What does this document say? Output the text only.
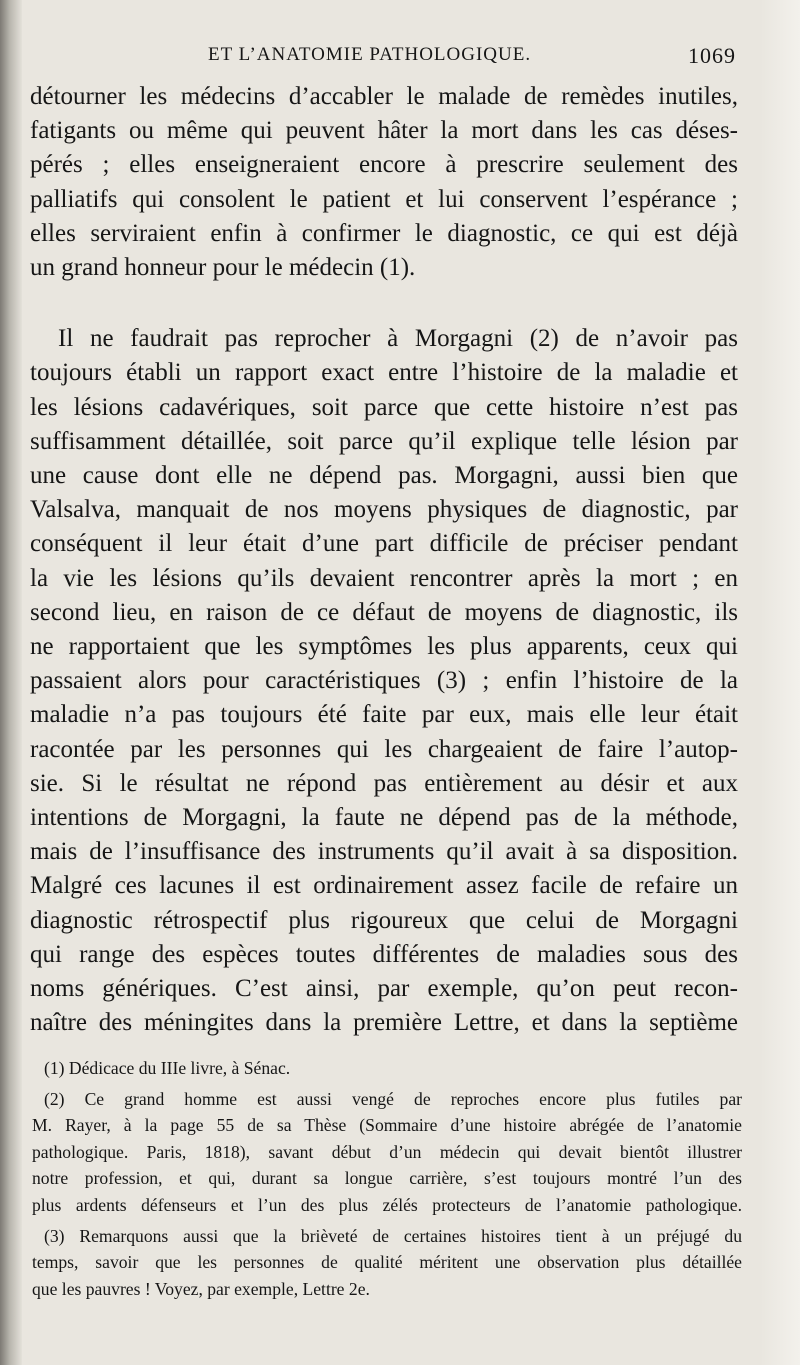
ET L’ANATOMIE PATHOLOGIQUE.	1069
détourner les médecins d’accabler le malade de remèdes inutiles,
fatigants ou même qui peuvent hâter la mort dans les cas déses-
pérés ; elles enseigneraient encore à prescrire seulement des
palliatifs qui consolent le patient et lui conservent l’espérance ;
elles serviraient enfin à confirmer le diagnostic, ce qui est déjà
un grand honneur pour le médecin (1).
Il ne faudrait pas reprocher à Morgagni (2) de n’avoir pas
toujours établi un rapport exact entre l’histoire de la maladie et
les lésions cadavériques, soit parce que cette histoire n’est pas
suffisamment détaillée, soit parce qu’il explique telle lésion par
une cause dont elle ne dépend pas. Morgagni, aussi bien que
Valsalva, manquait de nos moyens physiques de diagnostic, par
conséquent il leur était d’une part difficile de préciser pendant
la vie les lésions qu’ils devaient rencontrer après la mort ; en
second lieu, en raison de ce défaut de moyens de diagnostic, ils
ne rapportaient que les symptômes les plus apparents, ceux qui
passaient alors pour caractéristiques (3) ; enfin l’histoire de la
maladie n’a pas toujours été faite par eux, mais elle leur était
racontée par les personnes qui les chargeaient de faire l’autop-
sie. Si le résultat ne répond pas entièrement au désir et aux
intentions de Morgagni, la faute ne dépend pas de la méthode,
mais de l’insuffisance des instruments qu’il avait à sa disposition.
Malgré ces lacunes il est ordinairement assez facile de refaire un
diagnostic rétrospectif plus rigoureux que celui de Morgagni
qui range des espèces toutes différentes de maladies sous des
noms génériques. C’est ainsi, par exemple, qu’on peut recon-
naître des méningites dans la première Lettre, et dans la septième
(1) Dédicace du IIIe livre, à Sénac.
(2) Ce grand homme est aussi vengé de reproches encore plus futiles par
M. Rayer, à la page 55 de sa Thèse (Sommaire d’une histoire abrégée de l’anatomie
pathologique. Paris, 1818), savant début d’un médecin qui devait bientôt illustrer
notre profession, et qui, durant sa longue carrière, s’est toujours montré l’un des
plus ardents défenseurs et l’un des plus zélés protecteurs de l’anatomie pathologique.
(3) Remarquons aussi que la brièveté de certaines histoires tient à un préjugé du
temps, savoir que les personnes de qualité méritent une observation plus détaillée
que les pauvres ! Voyez, par exemple, Lettre 2e.
